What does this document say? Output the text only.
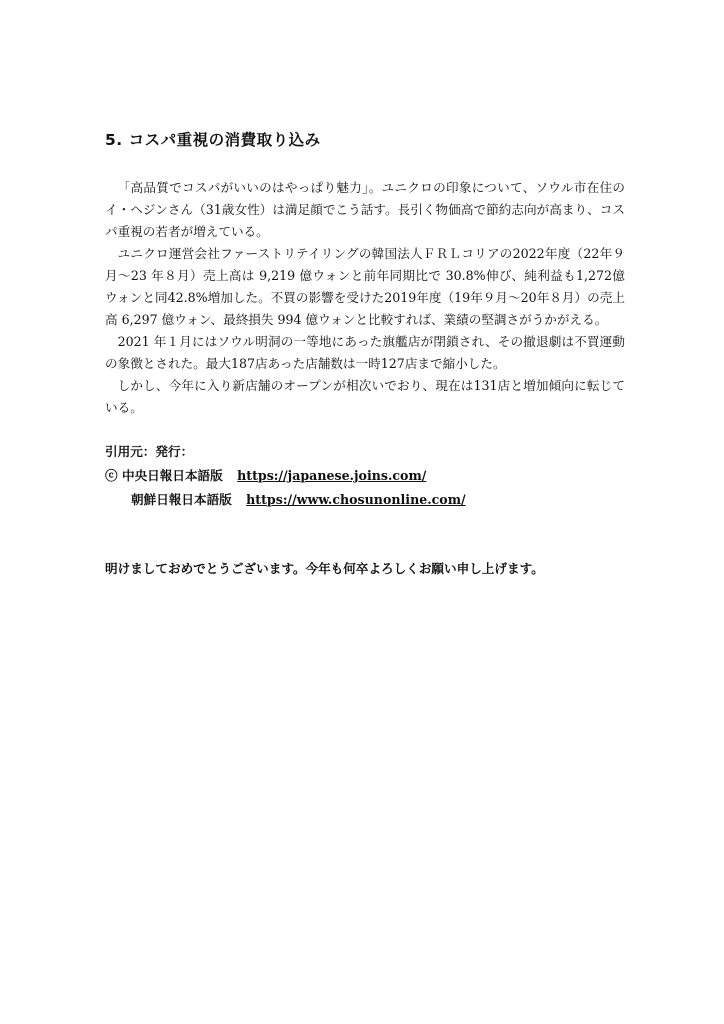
5. コスパ重視の消費取り込み

「高品質でコスパがいいのはやっぱり魅力」。ユニクロの印象について、ソウル市在住のイ・ヘジンさん（31歳女性）は満足顔でこう話す。長引く物価高で節約志向が高まり、コスパ重視の若者が増えている。

ユニクロ運営会社ファーストリテイリングの韓国法人ＦＲＬコリアの2022年度（22年９月～23 年８月）売上高は 9,219 億ウォンと前年同期比で 30.8%伸び、純利益も1,272億ウォンと同42.8%増加した。不買の影響を受けた2019年度（19年９月～20年８月）の売上高 6,297 億ウォン、最終損失 994 億ウォンと比較すれば、業績の堅調さがうかがえる。

2021 年１月にはソウル明洞の一等地にあった旗艦店が閉鎖され、その撤退劇は不買運動の象徴とされた。最大187店あった店舗数は一時127店まで縮小した。

しかし、今年に入り新店舗のオープンが相次いでおり、現在は131店と増加傾向に転じている。

引用元：発行：
ⓒ 中央日報日本語版 https://japanese.joins.com/
朝鮮日報日本語版 https://www.chosunonline.com/
明けましておめでとうございます。今年も何卒よろしくお願い申し上げます。
